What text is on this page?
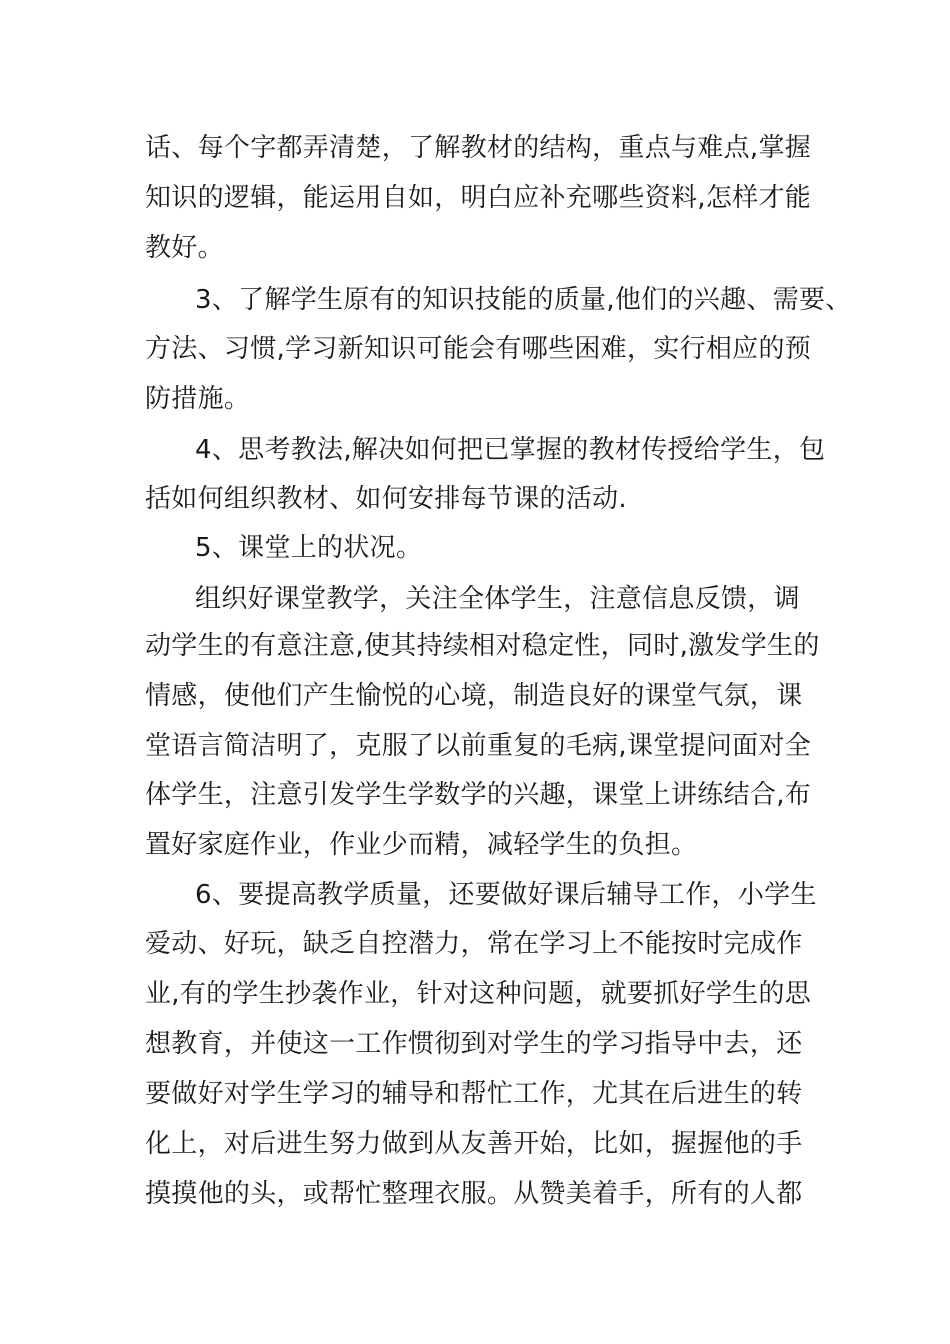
话、每个字都弄清楚，了解教材的结构，重点与难点,掌握
知识的逻辑，能运用自如，明白应补充哪些资料,怎样才能
教好。
3、了解学生原有的知识技能的质量,他们的兴趣、需要、
方法、习惯,学习新知识可能会有哪些困难，实行相应的预
防措施。
4、思考教法,解决如何把已掌握的教材传授给学生，包
括如何组织教材、如何安排每节课的活动.
5、课堂上的状况。
组织好课堂教学，关注全体学生，注意信息反馈，调
动学生的有意注意,使其持续相对稳定性，同时,激发学生的
情感，使他们产生愉悦的心境，制造良好的课堂气氛，课
堂语言简洁明了，克服了以前重复的毛病,课堂提问面对全
体学生，注意引发学生学数学的兴趣，课堂上讲练结合,布
置好家庭作业，作业少而精，减轻学生的负担。
6、要提高教学质量，还要做好课后辅导工作，小学生
爱动、好玩，缺乏自控潜力，常在学习上不能按时完成作
业,有的学生抄袭作业，针对这种问题，就要抓好学生的思
想教育，并使这一工作惯彻到对学生的学习指导中去，还
要做好对学生学习的辅导和帮忙工作，尤其在后进生的转
化上，对后进生努力做到从友善开始，比如，握握他的手
摸摸他的头，或帮忙整理衣服。从赞美着手，所有的人都
